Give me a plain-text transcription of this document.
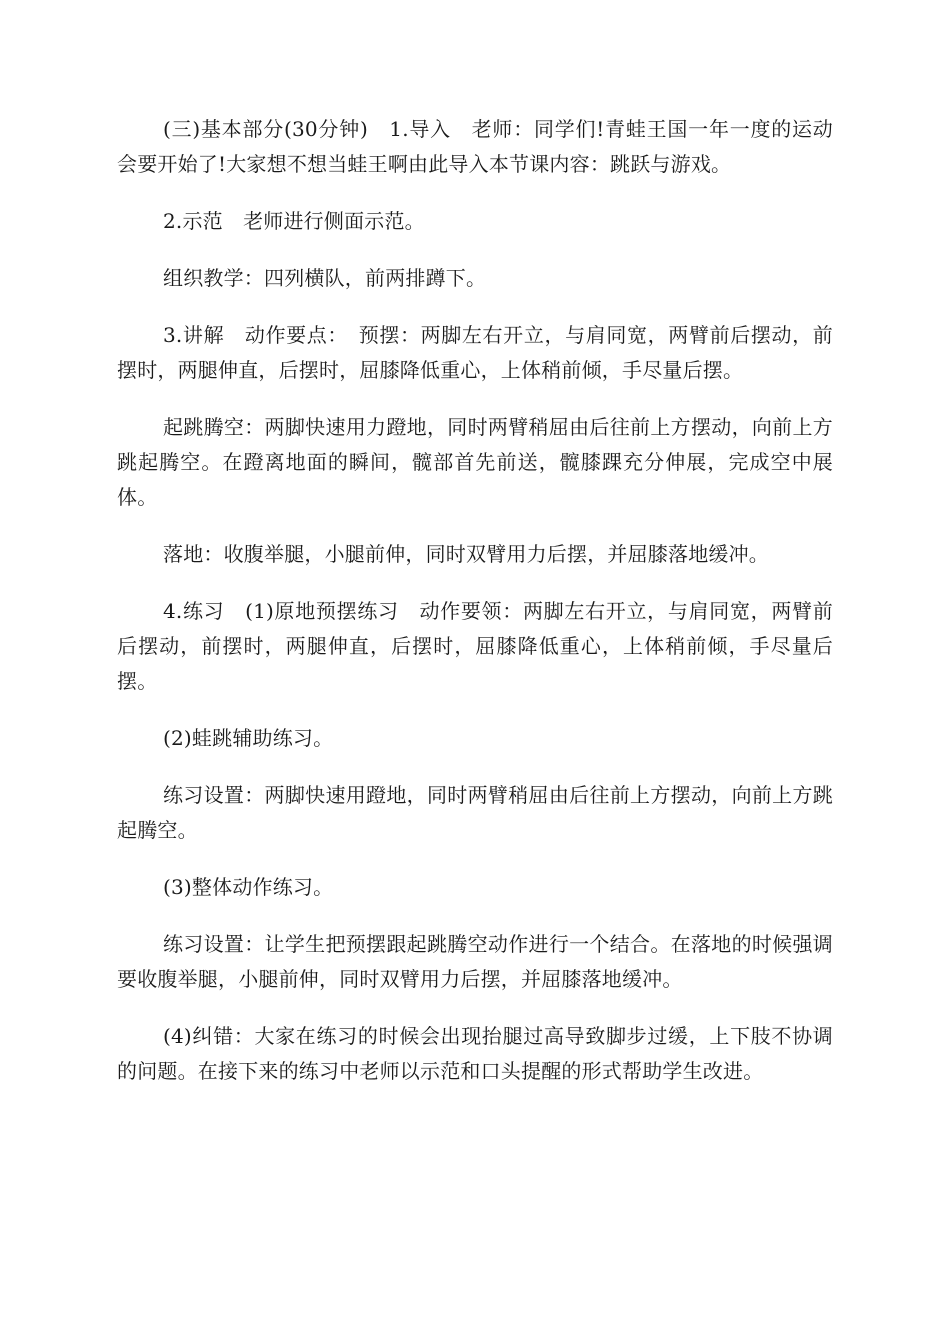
(三)基本部分(30分钟)　1.导入　老师：同学们!青蛙王国一年一度的运动会要开始了!大家想不想当蛙王啊由此导入本节课内容：跳跃与游戏。

2.示范　老师进行侧面示范。

组织教学：四列横队，前两排蹲下。

3.讲解　动作要点：　预摆：两脚左右开立，与肩同宽，两臂前后摆动，前摆时，两腿伸直，后摆时，屈膝降低重心，上体稍前倾，手尽量后摆。

起跳腾空：两脚快速用力蹬地，同时两臂稍屈由后往前上方摆动，向前上方跳起腾空。在蹬离地面的瞬间，髋部首先前送，髋膝踝充分伸展，完成空中展体。

落地：收腹举腿，小腿前伸，同时双臂用力后摆，并屈膝落地缓冲。

4.练习　(1)原地预摆练习　动作要领：两脚左右开立，与肩同宽，两臂前后摆动，前摆时，两腿伸直，后摆时，屈膝降低重心，上体稍前倾，手尽量后摆。

(2)蛙跳辅助练习。

练习设置：两脚快速用蹬地，同时两臂稍屈由后往前上方摆动，向前上方跳起腾空。

(3)整体动作练习。

练习设置：让学生把预摆跟起跳腾空动作进行一个结合。在落地的时候强调要收腹举腿，小腿前伸，同时双臂用力后摆，并屈膝落地缓冲。

(4)纠错：大家在练习的时候会出现抬腿过高导致脚步过缓，上下肢不协调的问题。在接下来的练习中老师以示范和口头提醒的形式帮助学生改进。
